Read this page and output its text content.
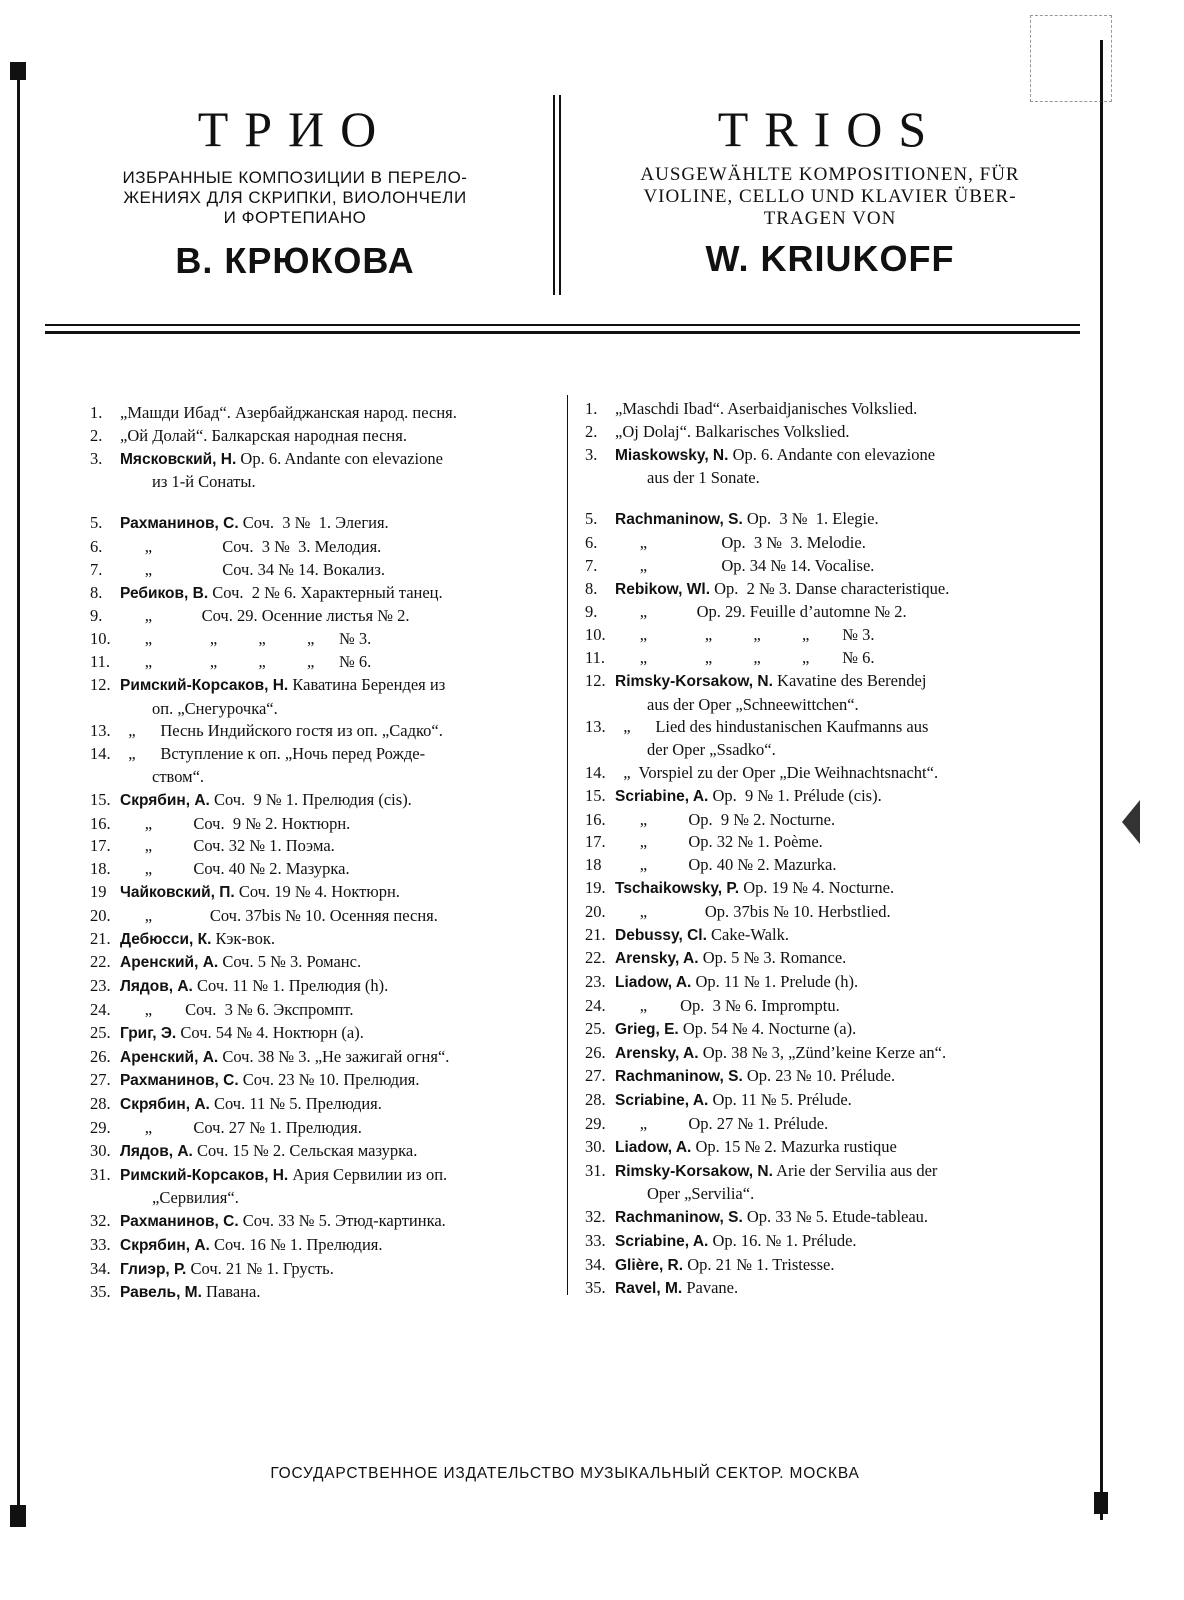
ТРИО
ИЗБРАННЫЕ КОМПОЗИЦИИ В ПЕРЕЛО-
ЖЕНИЯХ ДЛЯ СКРИПКИ, ВИОЛОНЧЕЛИ
И ФОРТЕПИАНО
В. КРЮКОВА
TRIOS
AUSGEWÄHLTE KOMPOSITIONEN, FÜR
VIOLINE, CELLO UND KLAVIER ÜBER-
TRAGEN VON
W. KRIUKOFF
1. „Машди Ибад“. Азербайджанская народ. песня.
2. „Ой Долай“. Балкарская народная песня.
3. Мясковский, Н. Op. 6. Andante con elevazione
из 1-й Сонаты.
5. Рахманинов, С. Соч.  3 №  1. Элегия.
6. „                 Соч.  3 №  3. Мелодия.
7. „                 Соч. 34 № 14. Вокализ.
8. Ребиков, В. Соч.  2 № 6. Характерный танец.
9. „            Соч. 29. Осенние листья № 2.
10. „              „          „          „      № 3.
11. „              „          „          „      № 6.
12. Римский-Корсаков, Н. Каватина Берендея из
оп. „Снегурочка“.
13. „      Песнь Индийского гостя из оп. „Садко“.
14. „      Вступление к оп. „Ночь перед Рожде-
ством“.
15. Скрябин, А. Соч.  9 № 1. Прелюдия (cis).
16. „          Соч.  9 № 2. Ноктюрн.
17. „          Соч. 32 № 1. Поэма.
18. „          Соч. 40 № 2. Мазурка.
19 Чайковский, П. Соч. 19 № 4. Ноктюрн.
20. „              Соч. 37bis № 10. Осенняя песня.
21. Дебюсси, К. Кэк-вок.
22. Аренский, А. Соч. 5 № 3. Романс.
23. Лядов, А. Соч. 11 № 1. Прелюдия (h).
24. „        Соч.  3 № 6. Экспромпт.
25. Григ, Э. Соч. 54 № 4. Ноктюрн (a).
26. Аренский, А. Соч. 38 № 3. „Не зажигай огня“.
27. Рахманинов, С. Соч. 23 № 10. Прелюдия.
28. Скрябин, А. Соч. 11 № 5. Прелюдия.
29. „          Соч. 27 № 1. Прелюдия.
30. Лядов, А. Соч. 15 № 2. Сельская мазурка.
31. Римский-Корсаков, Н. Ария Сервилии из оп.
„Сервилия“.
32. Рахманинов, С. Соч. 33 № 5. Этюд-картинка.
33. Скрябин, А. Соч. 16 № 1. Прелюдия.
34. Глиэр, Р. Соч. 21 № 1. Грусть.
35. Равель, М. Павана.
1. „Maschdi Ibad“. Aserbaidjanisches Volkslied.
2. „Oj Dolaj“. Balkarisches Volkslied.
3. Miaskowsky, N. Op. 6. Andante con elevazione
aus der 1 Sonate.
5. Rachmaninow, S. Op.  3 №  1. Elegie.
6. „                  Op.  3 №  3. Melodie.
7. „                  Op. 34 № 14. Vocalise.
8. Rebikow, Wl. Op.  2 № 3. Danse characteristique.
9. „            Op. 29. Feuille d’automne № 2.
10. „              „          „          „        № 3.
11. „              „          „          „        № 6.
12. Rimsky-Korsakow, N. Kavatine des Berendej
aus der Oper „Schneewittchen“.
13. „      Lied des hindustanischen Kaufmanns aus
der Oper „Ssadko“.
14. „  Vorspiel zu der Oper „Die Weihnachtsnacht“.
15. Scriabine, A. Op.  9 № 1. Prélude (cis).
16. „          Op.  9 № 2. Nocturne.
17. „          Op. 32 № 1. Poème.
18 „          Op. 40 № 2. Mazurka.
19. Tschaikowsky, P. Op. 19 № 4. Nocturne.
20. „              Op. 37bis № 10. Herbstlied.
21. Debussy, Cl. Cake-Walk.
22. Arensky, A. Op. 5 № 3. Romance.
23. Liadow, A. Op. 11 № 1. Prelude (h).
24. „        Op.  3 № 6. Impromptu.
25. Grieg, E. Op. 54 № 4. Nocturne (a).
26. Arensky, A. Op. 38 № 3, „Zünd’keine Kerze an“.
27. Rachmaninow, S. Op. 23 № 10. Prélude.
28. Scriabine, A. Op. 11 № 5. Prélude.
29. „          Op. 27 № 1. Prélude.
30. Liadow, A. Op. 15 № 2. Mazurka rustique
31. Rimsky-Korsakow, N. Arie der Servilia aus der
Oper „Servilia“.
32. Rachmaninow, S. Op. 33 № 5. Etude-tableau.
33. Scriabine, A. Op. 16. № 1. Prélude.
34. Glière, R. Op. 21 № 1. Tristesse.
35. Ravel, M. Pavane.
ГОСУДАРСТВЕННОЕ ИЗДАТЕЛЬСТВО МУЗЫКАЛЬНЫЙ СЕКТОР. МОСКВА
